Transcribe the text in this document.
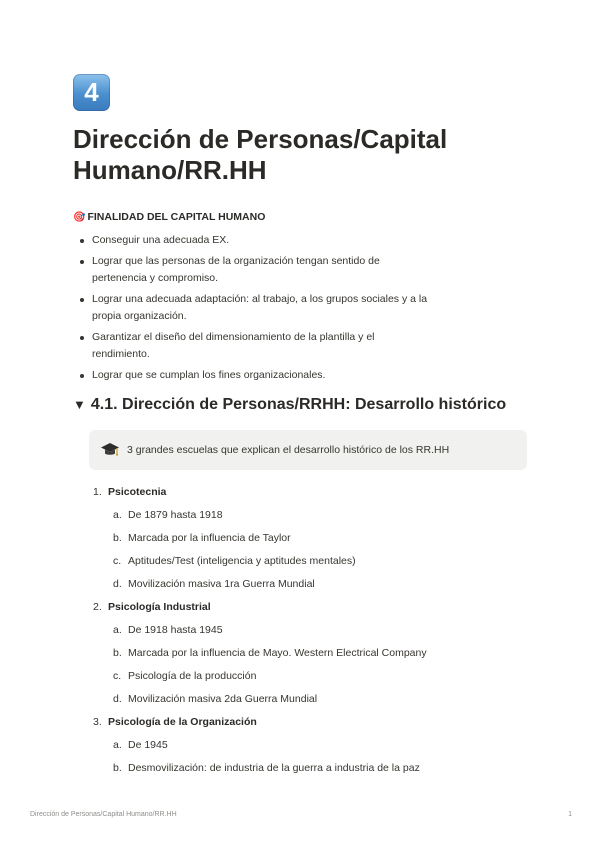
4
Dirección de Personas/Capital Humano/RR.HH
🎯 FINALIDAD DEL CAPITAL HUMANO
Conseguir una adecuada EX.
Lograr que las personas de la organización tengan sentido de pertenencia y compromiso.
Lograr una adecuada adaptación: al trabajo, a los grupos sociales y a la propia organización.
Garantizar el diseño del dimensionamiento de la plantilla y el rendimiento.
Lograr que se cumplan los fines organizacionales.
▼ 4.1. Dirección de Personas/RRHH: Desarrollo histórico
3 grandes escuelas que explican el desarrollo histórico de los RR.HH
1. Psicotecnia
a. De 1879 hasta 1918
b. Marcada por la influencia de Taylor
c. Aptitudes/Test (inteligencia y aptitudes mentales)
d. Movilización masiva 1ra Guerra Mundial
2. Psicología Industrial
a. De 1918 hasta 1945
b. Marcada por la influencia de Mayo. Western Electrical Company
c. Psicología de la producción
d. Movilización masiva 2da Guerra Mundial
3. Psicología de la Organización
a. De 1945
b. Desmovilización: de industria de la guerra a industria de la paz
Dirección de Personas/Capital Humano/RR.HH	1
